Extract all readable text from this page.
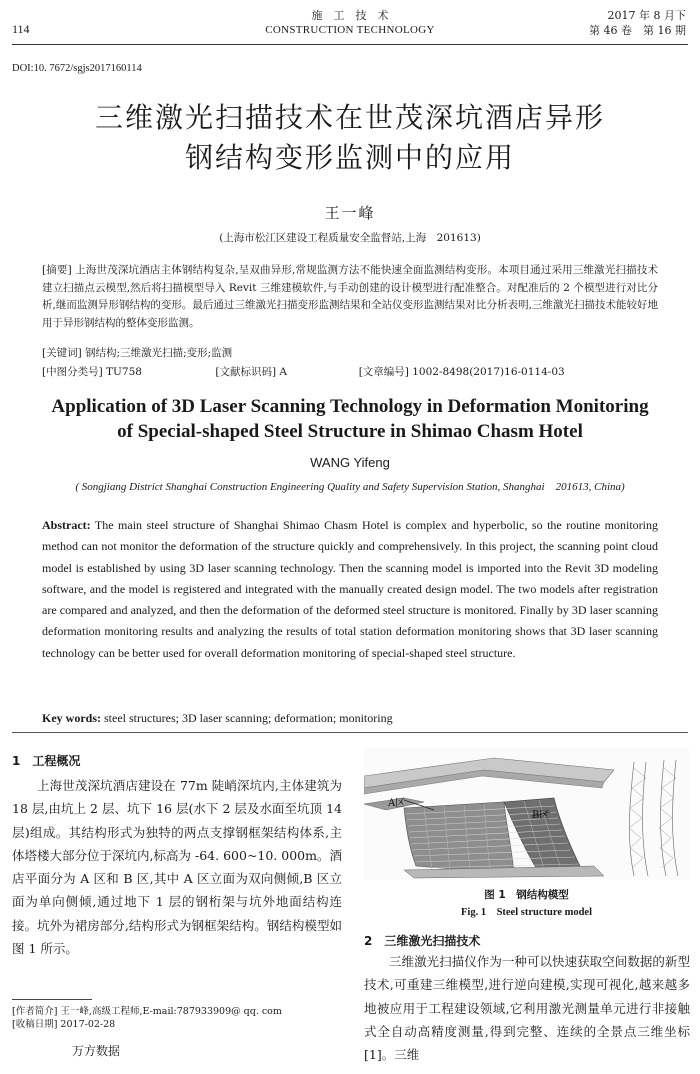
114
施　工　技　术
CONSTRUCTION TECHNOLOGY
2017 年 8 月下
第 46 卷　第 16 期
DOI:10. 7672/sgjs2017160114
三维激光扫描技术在世茂深坑酒店异形
钢结构变形监测中的应用
王一峰
(上海市松江区建设工程质量安全监督站,上海　201613)
[摘要] 上海世茂深坑酒店主体钢结构复杂,呈双曲异形,常规监测方法不能快速全面监测结构变形。本项目通过采用三维激光扫描技术建立扫描点云模型,然后将扫描模型导入 Revit 三维建模软件,与手动创建的设计模型进行配准整合。对配准后的 2 个模型进行对比分析,继而监测异形钢结构的变形。最后通过三维激光扫描变形监测结果和全站仪变形监测结果对比分析表明,三维激光扫描技术能较好地用于异形钢结构的整体变形监测。
[关键词] 钢结构;三维激光扫描;变形;监测
[中图分类号] TU758	[文献标识码] A	[文章编号] 1002-8498(2017)16-0114-03
Application of 3D Laser Scanning Technology in Deformation Monitoring
of Special-shaped Steel Structure in Shimao Chasm Hotel
WANG Yifeng
( Songjiang District Shanghai Construction Engineering Quality and Safety Supervision Station, Shanghai　201613, China)
Abstract: The main steel structure of Shanghai Shimao Chasm Hotel is complex and hyperbolic, so the routine monitoring method can not monitor the deformation of the structure quickly and comprehensively. In this project, the scanning point cloud model is established by using 3D laser scanning technology. Then the scanning model is imported into the Revit 3D modeling software, and the model is registered and integrated with the manually created design model. The two models after registration are compared and analyzed, and then the deformation of the deformed steel structure is monitored. Finally by 3D laser scanning deformation monitoring results and analyzing the results of total station deformation monitoring shows that 3D laser scanning technology can be better used for overall deformation monitoring of special-shaped steel structure.
Key words: steel structures; 3D laser scanning; deformation; monitoring
1　工程概况
上海世茂深坑酒店建设在 77m 陡峭深坑内,主体建筑为 18 层,由坑上 2 层、坑下 16 层(水下 2 层及水面至坑顶 14 层)组成。其结构形式为独特的两点支撑钢框架结构体系,主体塔楼大部分位于深坑内,标高为 -64. 600~10. 000m。酒店平面分为 A 区和 B 区,其中 A 区立面为双向侧倾,B 区立面为单向侧倾,通过地下 1 层的钢桁架与坑外地面结构连接。坑外为裙房部分,结构形式为钢框架结构。钢结构模型如图 1 所示。
[作者简介] 王一峰,高级工程师,E-mail:787933909@ qq. com
[收稿日期] 2017-02-28
万方数据
A区
B区
图 1　钢结构模型
Fig. 1　Steel structure model
2　三维激光扫描技术
三维激光扫描仪作为一种可以快速获取空间数据的新型技术,可重建三维模型,进行逆向建模,实现可视化,越来越多地被应用于工程建设领域,它利用激光测量单元进行非接触式全自动高精度测量,得到完整、连续的全景点三维坐标[1]。三维
